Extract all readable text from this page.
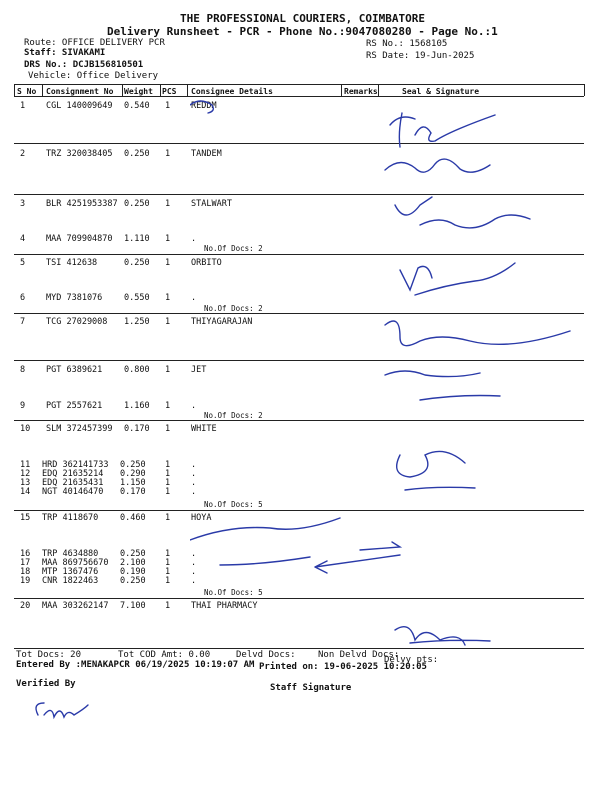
THE PROFESSIONAL COURIERS, COIMBATORE
Delivery Runsheet - PCR - Phone No.:9047080280 - Page No.:1
Route: OFFICE DELIVERY PCR
Staff: SIVAKAMI
DRS No.: DCJB156810501
Vehicle: Office Delivery
RS No.: 1568105
RS Date: 19-Jun-2025
S No Consignment No Weight PCS Consignee Details	Remarks	Seal & Signature
1 CGL 140009649 0.540 1 REDDM
2 TRZ 320038405 0.250 1 TANDEM
3 BLR 4251953387 0.250 1 STALWART
4 MAA 709904870 1.110 1 .
No.Of Docs: 2
5 TSI 412638	0.250 1 ORBITO
6 MYD 7381076	0.550 1 .
No.Of Docs: 2
7 TCG 27029008 1.250 1 THIYAGARAJAN
8 PGT 6389621	0.800 1 JET
9 PGT 2557621	1.160 1 .
No.Of Docs: 2
10 SLM 372457399 0.170 1 WHITE
11 HRD 362141733 0.250 1 .
12 EDQ 21635214 0.290 1 .
13 EDQ 21635431 1.150 1 .
14 NGT 40146470 0.170 1 .
No.Of Docs: 5
15 TRP 4118670	0.460 1 HOYA
16 TRP 4634880	0.250 1 .
17 MAA 869756670 2.100 1 .
18 MTP 1367476	0.190 1 .
19 CNR 1822463	0.250 1 .
No.Of Docs: 5
20 MAA 303262147 7.100 1 THAI PHARMACY
Tot Docs: 20	Tot COD Amt: 0.00	Delvd Docs: Non Delvd Docs:
Delvy pts:
Entered By :MENAKAPCR 06/19/2025 10:19:07 AM Printed on: 19-06-2025 10:20:05
Verified By	Staff Signature
